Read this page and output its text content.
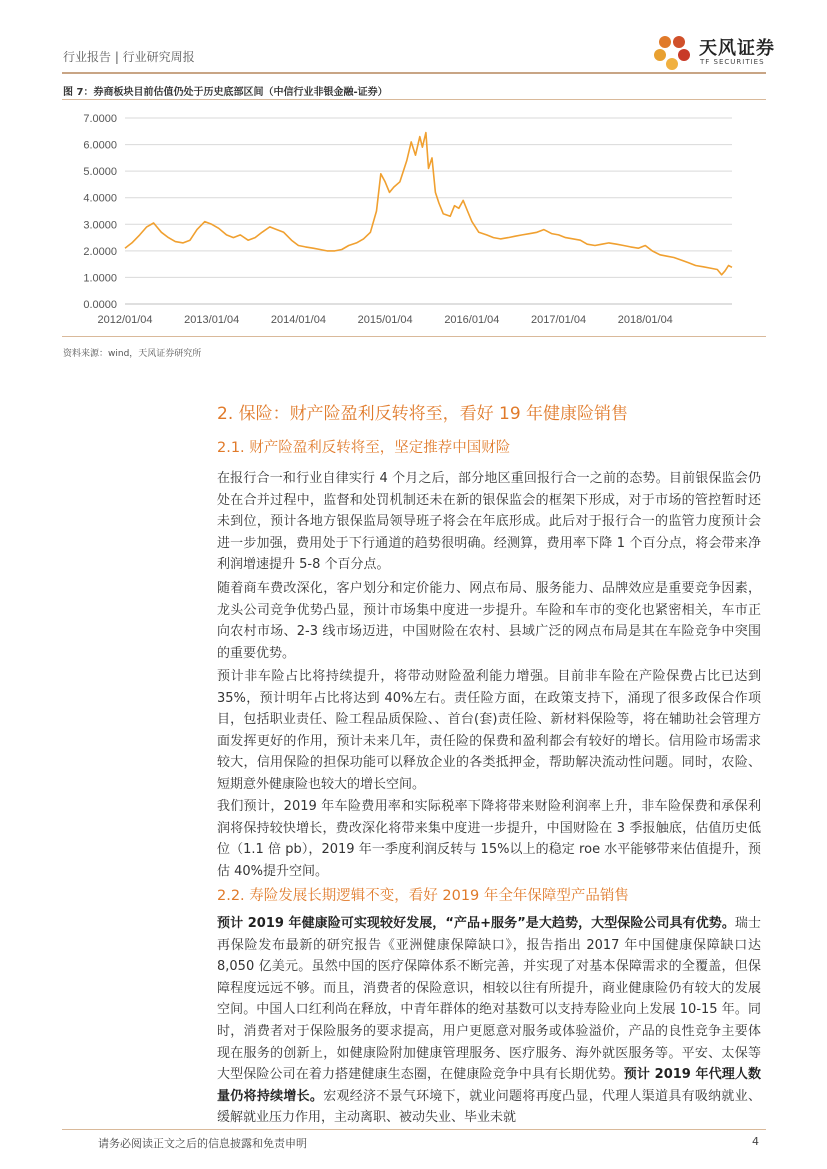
行业报告 | 行业研究周报	天风证券
TF SECURITIES
图 7：券商板块目前估值仍处于历史底部区间（中信行业非银金融-证券）
0.0000
1.0000
2.0000
3.0000
4.0000
5.0000
6.0000
7.0000
2012/01/04	2013/01/04	2014/01/04	2015/01/04	2016/01/04	2017/01/04	2018/01/04
资料来源：wind，天风证券研究所
2. 保险：财产险盈利反转将至，看好 19 年健康险销售
2.1. 财产险盈利反转将至，坚定推荐中国财险

在报行合一和行业自律实行 4 个月之后，部分地区重回报行合一之前的态势。目前银保监会仍处在合并过程中，监督和处罚机制还未在新的银保监会的框架下形成，对于市场的管控暂时还未到位，预计各地方银保监局领导班子将会在年底形成。此后对于报行合一的监管力度预计会进一步加强，费用处于下行通道的趋势很明确。经测算，费用率下降 1 个百分点，将会带来净利润增速提升 5-8 个百分点。

随着商车费改深化，客户划分和定价能力、网点布局、服务能力、品牌效应是重要竞争因素，龙头公司竞争优势凸显，预计市场集中度进一步提升。车险和车市的变化也紧密相关，车市正向农村市场、2-3 线市场迈进，中国财险在农村、县域广泛的网点布局是其在车险竞争中突围的重要优势。

预计非车险占比将持续提升，将带动财险盈利能力增强。目前非车险在产险保费占比已达到 35%，预计明年占比将达到 40%左右。责任险方面，在政策支持下，涌现了很多政保合作项目，包括职业责任、险工程品质保险、、首台(套)责任险、新材料保险等，将在辅助社会管理方面发挥更好的作用，预计未来几年，责任险的保费和盈利都会有较好的增长。信用险市场需求较大，信用保险的担保功能可以释放企业的各类抵押金，帮助解决流动性问题。同时，农险、短期意外健康险也较大的增长空间。

我们预计，2019 年车险费用率和实际税率下降将带来财险利润率上升，非车险保费和承保利润将保持较快增长，费改深化将带来集中度进一步提升，中国财险在 3 季报触底，估值历史低位（1.1 倍 pb），2019 年一季度利润反转与 15%以上的稳定 roe 水平能够带来估值提升，预估 40%提升空间。

2.2. 寿险发展长期逻辑不变，看好 2019 年全年保障型产品销售

预计 2019 年健康险可实现较好发展，“产品+服务”是大趋势，大型保险公司具有优势。瑞士再保险发布最新的研究报告《亚洲健康保障缺口》，报告指出 2017 年中国健康保障缺口达 8,050 亿美元。虽然中国的医疗保障体系不断完善，并实现了对基本保障需求的全覆盖，但保障程度远远不够。而且，消费者的保险意识，相较以往有所提升，商业健康险仍有较大的发展空间。中国人口红利尚在释放，中青年群体的绝对基数可以支持寿险业向上发展 10-15 年。同时，消费者对于保险服务的要求提高，用户更愿意对服务或体验溢价，产品的良性竞争主要体现在服务的创新上，如健康险附加健康管理服务、医疗服务、海外就医服务等。平安、太保等大型保险公司在着力搭建健康生态圈，在健康险竞争中具有长期优势。预计 2019 年代理人数量仍将持续增长。宏观经济不景气环境下，就业问题将再度凸显，代理人渠道具有吸纳就业、缓解就业压力作用，主动离职、被动失业、毕业未就

请务必阅读正文之后的信息披露和免责申明	4
